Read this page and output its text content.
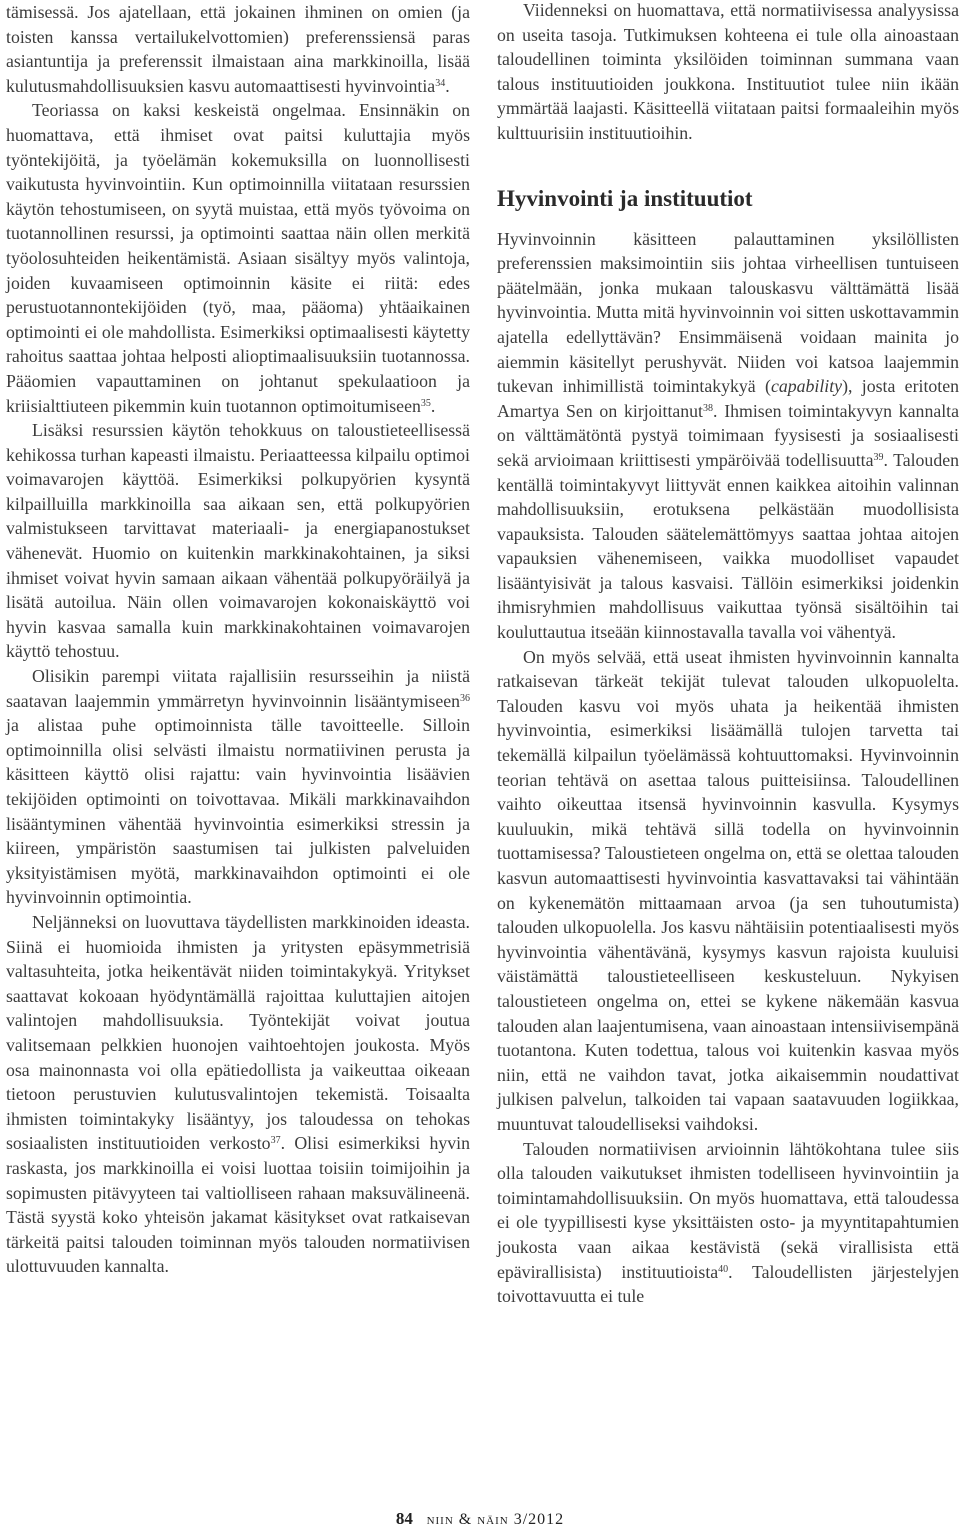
tämisessä. Jos ajatellaan, että jokainen ihminen on omien (ja toisten kanssa vertailukelvottomien) preferenssiensä paras asiantuntija ja preferenssit ilmaistaan aina markkinoilla, lisää kulutusmahdollisuuksien kasvu automaattisesti hyvinvointia$^{34}$.

Teoriassa on kaksi keskeistä ongelmaa. Ensinnäkin on huomattava, että ihmiset ovat paitsi kuluttajia myös työntekijöitä, ja työelämän kokemuksilla on luonnollisesti vaikutusta hyvinvointiin. Kun optimoinnilla viitataan resurssien käytön tehostumiseen, on syytä muistaa, että myös työvoima on tuotannollinen resurssi, ja optimointi saattaa näin ollen merkitä työolosuhteiden heikentämistä. Asiaan sisältyy myös valintoja, joiden kuvaamiseen optimoinnin käsite ei riitä: edes perustuotannontekijöiden (työ, maa, pääoma) yhtäaikainen optimointi ei ole mahdollista. Esimerkiksi optimaalisesti käytetty rahoitus saattaa johtaa helposti alioptimaalisuuksiin tuotannossa. Pääomien vapauttaminen on johtanut spekulaatioon ja kriisialttiuteen pikemmin kuin tuotannon optimoitumiseen$^{35}$.

Lisäksi resurssien käytön tehokkuus on taloustieteellisessä kehikossa turhan kapeasti ilmaistu. Periaatteessa kilpailu optimoi voimavarojen käyttöä. Esimerkiksi polkupyörien kysyntä kilpailluilla markkinoilla saa aikaan sen, että polkupyörien valmistukseen tarvittavat materiaali- ja energiapanostukset vähenevät. Huomio on kuitenkin markkinakohtainen, ja siksi ihmiset voivat hyvin samaan aikaan vähentää polkupyöräilyä ja lisätä autoilua. Näin ollen voimavarojen kokonaiskäyttö voi hyvin kasvaa samalla kuin markkinakohtainen voimavarojen käyttö tehostuu.

Olisikin parempi viitata rajallisiin resursseihin ja niistä saatavan laajemmin ymmärretyn hyvinvoinnin lisääntymiseen$^{36}$ ja alistaa puhe optimoinnista tälle tavoitteelle. Silloin optimoinnilla olisi selvästi ilmaistu normatiivinen perusta ja käsitteen käyttö olisi rajattu: vain hyvinvointia lisäävien tekijöiden optimointi on toivottavaa. Mikäli markkinavaihdon lisääntyminen vähentää hyvinvointia esimerkiksi stressin ja kiireen, ympäristön saastumisen tai julkisten palveluiden yksityistämisen myötä, markkinavaihdon optimointi ei ole hyvinvoinnin optimointia.

Neljänneksi on luovuttava täydellisten markkinoiden ideasta. Siinä ei huomioida ihmisten ja yritysten epäsymmetrisiä valtasuhteita, jotka heikentävät niiden toimintakykyä. Yritykset saattavat kokoaan hyödyntämällä rajoittaa kuluttajien aitojen valintojen mahdollisuuksia. Työntekijät voivat joutua valitsemaan pelkkien huonojen vaihtoehtojen joukosta. Myös osa mainonnasta voi olla epätiedollista ja vaikeuttaa oikeaan tietoon perustuvien kulutusvalintojen tekemistä. Toisaalta ihmisten toimintakyky lisääntyy, jos taloudessa on tehokas sosiaalisten instituutioiden verkosto$^{37}$. Olisi esimerkiksi hyvin raskasta, jos markkinoilla ei voisi luottaa toisiin toimijoihin ja sopimusten pitävyyteen tai valtiolliseen rahaan maksuvälineenä. Tästä syystä koko yhteisön jakamat käsitykset ovat ratkaisevan tärkeitä paitsi talouden toiminnan myös talouden normatiivisen ulottuvuuden kannalta.

Viidenneksi on huomattava, että normatiivisessa analyysissa on useita tasoja. Tutkimuksen kohteena ei tule olla ainoastaan taloudellinen toiminta yksilöiden toiminnan summana vaan talous instituutioiden joukkona. Instituutiot tulee niin ikään ymmärtää laajasti. Käsitteellä viitataan paitsi formaaleihin myös kulttuurisiin instituutioihin.

Hyvinvointi ja instituutiot

Hyvinvoinnin käsitteen palauttaminen yksilöllisten preferenssien maksimointiin siis johtaa virheellisen tuntuiseen päätelmään, jonka mukaan talouskasvu välttämättä lisää hyvinvointia. Mutta mitä hyvinvoinnin voi sitten uskottavammin ajatella edellyttävän? Ensimmäisenä voidaan mainita jo aiemmin käsitellyt perushyvät. Niiden voi katsoa laajemmin tukevan inhimillistä toimintakykyä (capability), josta eritoten Amartya Sen on kirjoittanut$^{38}$. Ihmisen toimintakyvyn kannalta on välttämätöntä pystyä toimimaan fyysisesti ja sosiaalisesti sekä arvioimaan kriittisesti ympäröivää todellisuutta$^{39}$. Talouden kentällä toimintakyvyt liittyvät ennen kaikkea aitoihin valinnan mahdollisuuksiin, erotuksena pelkästään muodollisista vapauksista. Talouden säätelemättömyys saattaa johtaa aitojen vapauksien vähenemiseen, vaikka muodolliset vapaudet lisääntyisivät ja talous kasvaisi. Tällöin esimerkiksi joidenkin ihmisryhmien mahdollisuus vaikuttaa työnsä sisältöihin tai kouluttautua itseään kiinnostavalla tavalla voi vähentyä.

On myös selvää, että useat ihmisten hyvinvoinnin kannalta ratkaisevan tärkeät tekijät tulevat talouden ulkopuolelta. Talouden kasvu voi myös uhata ja heikentää ihmisten hyvinvointia, esimerkiksi lisäämällä tulojen tarvetta tai tekemällä kilpailun työelämässä kohtuuttomaksi. Hyvinvoinnin teorian tehtävä on asettaa talous puitteisiinsa. Taloudellinen vaihto oikeuttaa itsensä hyvinvoinnin kasvulla. Kysymys kuuluukin, mikä tehtävä sillä todella on hyvinvoinnin tuottamisessa? Taloustieteen ongelma on, että se olettaa talouden kasvun automaattisesti hyvinvointia kasvattavaksi tai vähintään on kykenemätön mittaamaan arvoa (ja sen tuhoutumista) talouden ulkopuolella. Jos kasvu nähtäisiin potentiaalisesti myös hyvinvointia vähentävänä, kysymys kasvun rajoista kuuluisi väistämättä taloustieteelliseen keskusteluun. Nykyisen taloustieteen ongelma on, ettei se kykene näkemään kasvua talouden alan laajentumisena, vaan ainoastaan intensiivisempänä tuotantona. Kuten todettua, talous voi kuitenkin kasvaa myös niin, että ne vaihdon tavat, jotka aikaisemmin noudattivat julkisen palvelun, talkoiden tai vapaan saatavuuden logiikkaa, muuntuvat taloudelliseksi vaihdoksi.

Talouden normatiivisen arvioinnin lähtökohtana tulee siis olla talouden vaikutukset ihmisten todelliseen hyvinvointiin ja toimintamahdollisuuksiin. On myös huomattava, että taloudessa ei ole tyypillisesti kyse yksittäisten osto- ja myyntitapahtumien joukosta vaan aikaa kestävistä (sekä virallisista että epävirallisista) instituutioista$^{40}$. Taloudellisten järjestelyjen toivottavuutta ei tule

84 niin & näin 3/2012
